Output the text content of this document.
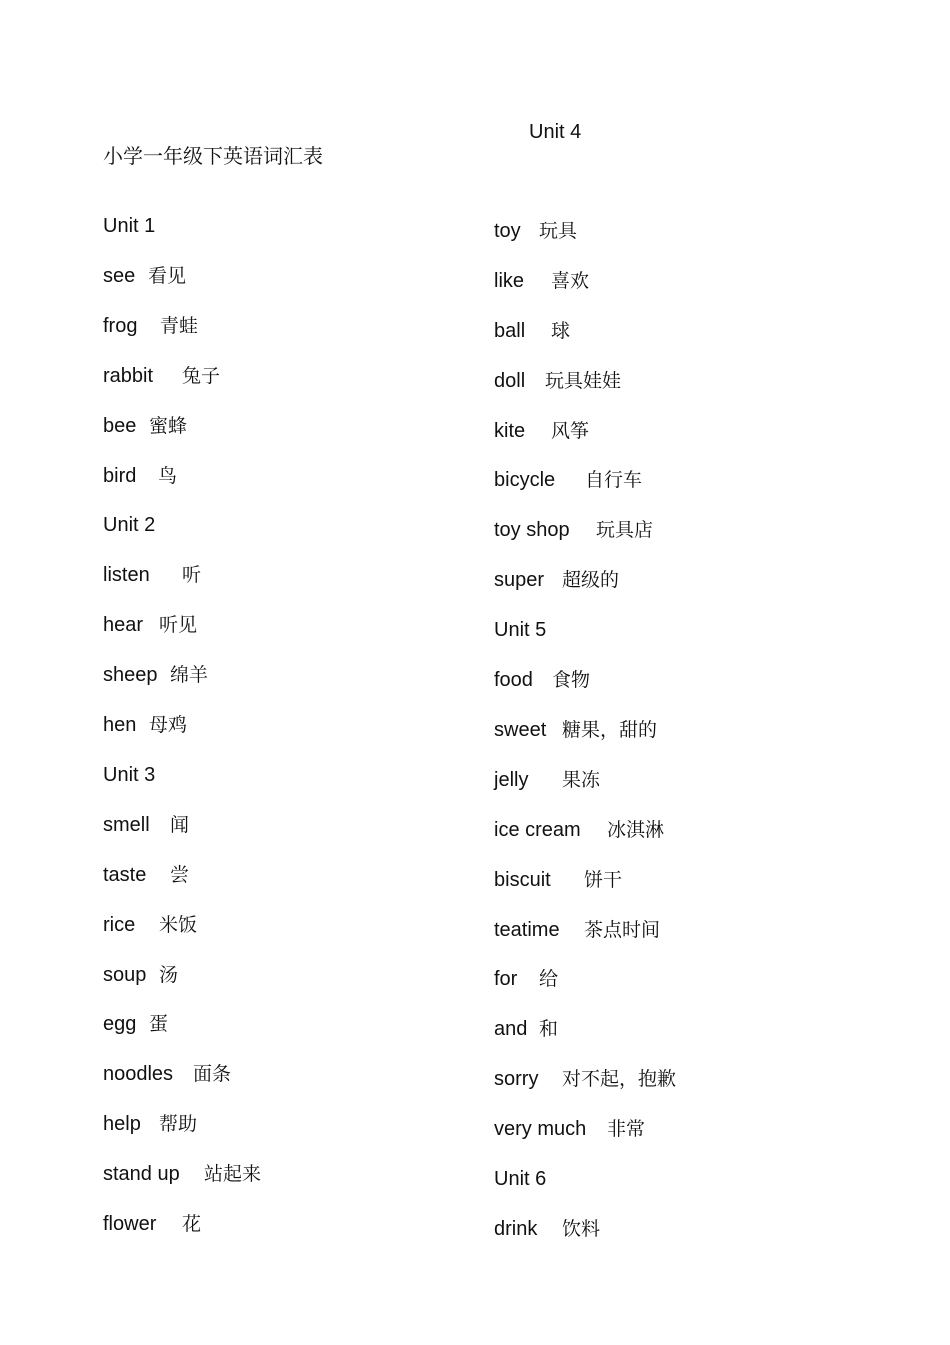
小学一年级下英语词汇表
Unit 1
see 看见
frog 青蛙
rabbit 兔子
bee 蜜蜂
bird 鸟
Unit 2
listen 听
hear 听见
sheep 绵羊
hen 母鸡
Unit 3
smell 闻
taste 尝
rice 米饭
soup 汤
egg 蛋
noodles 面条
help 帮助
stand up 站起来
flower 花
Unit 4
toy 玩具
like 喜欢
ball 球
doll 玩具娃娃
kite 风筝
bicycle 自行车
toy shop 玩具店
super 超级的
Unit 5
food 食物
sweet 糖果，甜的
jelly 果冻
ice cream 冰淇淋
biscuit 饼干
teatime 茶点时间
for 给
and 和
sorry 对不起，抱歉
very much 非常
Unit 6
drink 饮料
